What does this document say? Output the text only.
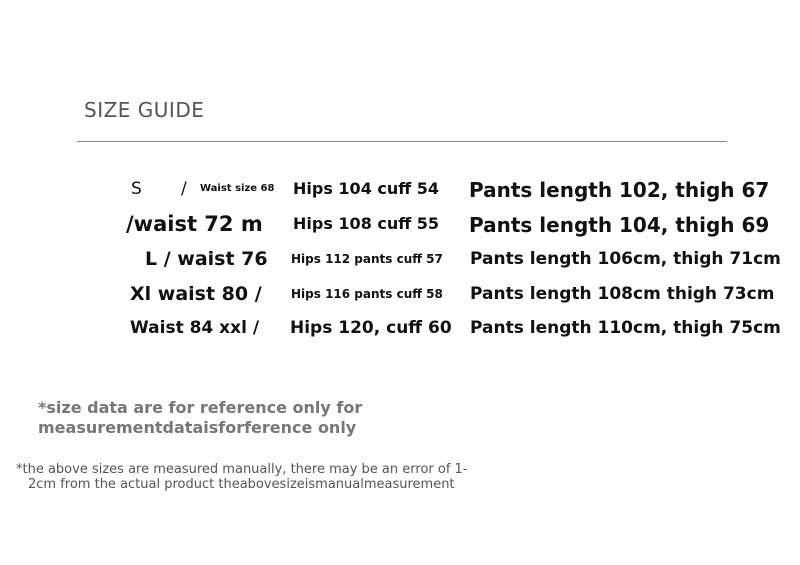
SIZE GUIDE
S / Waist size 68 Hips 104 cuff 54 Pants length 102, thigh 67
/waist 72 m Hips 108 cuff 55 Pants length 104, thigh 69
L / waist 76 Hips 112 pants cuff 57 Pants length 106cm, thigh 71cm
Xl waist 80 / Hips 116 pants cuff 58 Pants length 108cm thigh 73cm
Waist 84 xxl / Hips 120, cuff 60 Pants length 110cm, thigh 75cm
*size data are for reference only for
measurementdataisforference only
*the above sizes are measured manually, there may be an error of 1-
2cm from the actual product theabovesizeismanualmeasurement
